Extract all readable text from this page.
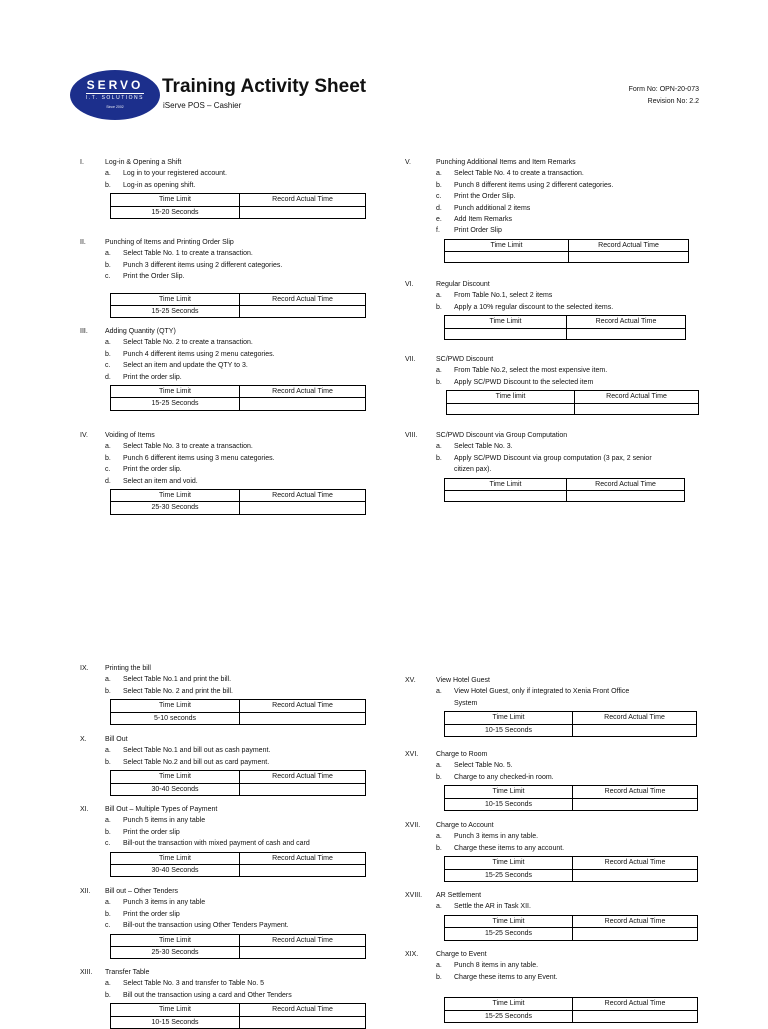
SERVO
I.T. SOLUTIONS
Since 2002
Training Activity Sheet
iServe POS – Cashier
Form No: OPN-20-073
Revision No: 2.2
I.	Log-in & Opening a Shift
a. Log in to your registered account.
b. Log-in as opening shift.
Time Limit	Record Actual Time
15-20 Seconds	
II.	Punching of Items and Printing Order Slip
a. Select Table No. 1 to create a transaction.
b. Punch 3 different items using 2 different categories.
c. Print the Order Slip.
Time Limit	Record Actual Time
15-25 Seconds	
III. Adding Quantity (QTY)
a. Select Table No. 2 to create a transaction.
b. Punch 4 different items using 2 menu categories.
c. Select an item and update the QTY to 3.
d. Print the order slip.
Time Limit	Record Actual Time
15-25 Seconds	
IV. Voiding of Items
a. Select Table No. 3 to create a transaction.
b. Punch 6 different items using 3 menu categories.
c. Print the order slip.
d. Select an item and void.
Time Limit	Record Actual Time
25-30 Seconds	
V.	Punching Additional Items and Item Remarks
a. Select Table No. 4 to create a transaction.
b. Punch 8 different items using 2 different categories.
c. Print the Order Slip.
d. Punch additional 2 items
e. Add Item Remarks
f. Print Order Slip
Time Limit	Record Actual Time

VI.	Regular Discount
a. From Table No.1, select 2 items
b. Apply a 10% regular discount to the selected items.
Time Limit	Record Actual Time

VII.	SC/PWD Discount
a. From Table No.2, select the most expensive item.
b. Apply SC/PWD Discount to the selected item
Time limit	Record Actual Time

VIII.	SC/PWD Discount via Group Computation
a. Select Table No. 3.
b. Apply SC/PWD Discount via group computation (3 pax, 2 senior
citizen pax).
Time Limit	Record Actual Time

IX. Printing the bill
a. Select Table No.1 and print the bill.
b. Select Table No. 2 and print the bill.
Time Limit	Record Actual Time
5-10 seconds	
X.	Bill Out
a. Select Table No.1 and bill out as cash payment.
b. Select Table No.2 and bill out as card payment.
Time Limit	Record Actual Time
30-40 Seconds	
XI. Bill Out – Multiple Types of Payment
a. Punch 5 items in any table
b. Print the order slip
c. Bill-out the transaction with mixed payment of cash and card
Time Limit	Record Actual Time
30-40 Seconds	
XII. Bill out – Other Tenders
a. Punch 3 items in any table
b. Print the order slip
c. Bill-out the transaction using Other Tenders Payment.
Time Limit	Record Actual Time
25-30 Seconds	
XIII. Transfer Table
a. Select Table No. 3 and transfer to Table No. 5
b. Bill out the transaction using a card and Other Tenders
Time Limit	Record Actual Time
10-15 Seconds	
XV.	View Hotel Guest
a. View Hotel Guest, only if integrated to Xenia Front Office
System
Time Limit	Record Actual Time
10-15 Seconds	
XVI.	Charge to Room
a. Select Table No. 5.
b. Charge to any checked-in room.
Time Limit	Record Actual Time
10-15 Seconds	
XVII. Charge to Account
a. Punch 3 items in any table.
b. Charge these items to any account.
Time Limit	Record Actual Time
15-25 Seconds	
XVIII. AR Settlement
a. Settle the AR in Task XII.
Time Limit	Record Actual Time
15-25 Seconds	
XIX.	Charge to Event
a. Punch 8 items in any table.
b. Charge these items to any Event.
Time Limit	Record Actual Time
15-25 Seconds	
